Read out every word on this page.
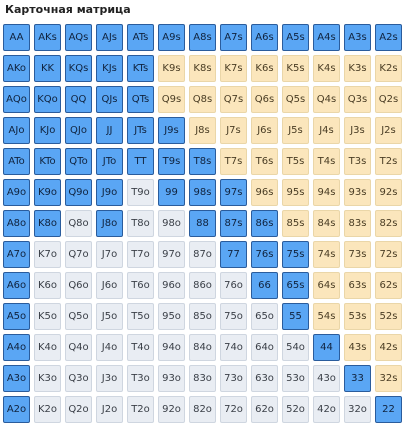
Карточная матрица
AA	AKs	AQs	AJs	ATs	A9s	A8s	A7s	A6s	A5s	A4s	A3s	A2s
AKo	KK	KQs	KJs	KTs	K9s	K8s	K7s	K6s	K5s	K4s	K3s	K2s
AQo	KQo	QQ	QJs	QTs	Q9s	Q8s	Q7s	Q6s	Q5s	Q4s	Q3s	Q2s
AJo	KJo	QJo	JJ	JTs	J9s	J8s	J7s	J6s	J5s	J4s	J3s	J2s
ATo	KTo	QTo	JTo	TT	T9s	T8s	T7s	T6s	T5s	T4s	T3s	T2s
A9o	K9o	Q9o	J9o	T9o	99	98s	97s	96s	95s	94s	93s	92s
A8o	K8o	Q8o	J8o	T8o	98o	88	87s	86s	85s	84s	83s	82s
A7o	K7o	Q7o	J7o	T7o	97o	87o	77	76s	75s	74s	73s	72s
A6o	K6o	Q6o	J6o	T6o	96o	86o	76o	66	65s	64s	63s	62s
A5o	K5o	Q5o	J5o	T5o	95o	85o	75o	65o	55	54s	53s	52s
A4o	K4o	Q4o	J4o	T4o	94o	84o	74o	64o	54o	44	43s	42s
A3o	K3o	Q3o	J3o	T3o	93o	83o	73o	63o	53o	43o	33	32s
A2o	K2o	Q2o	J2o	T2o	92o	82o	72o	62o	52o	42o	32o	22
